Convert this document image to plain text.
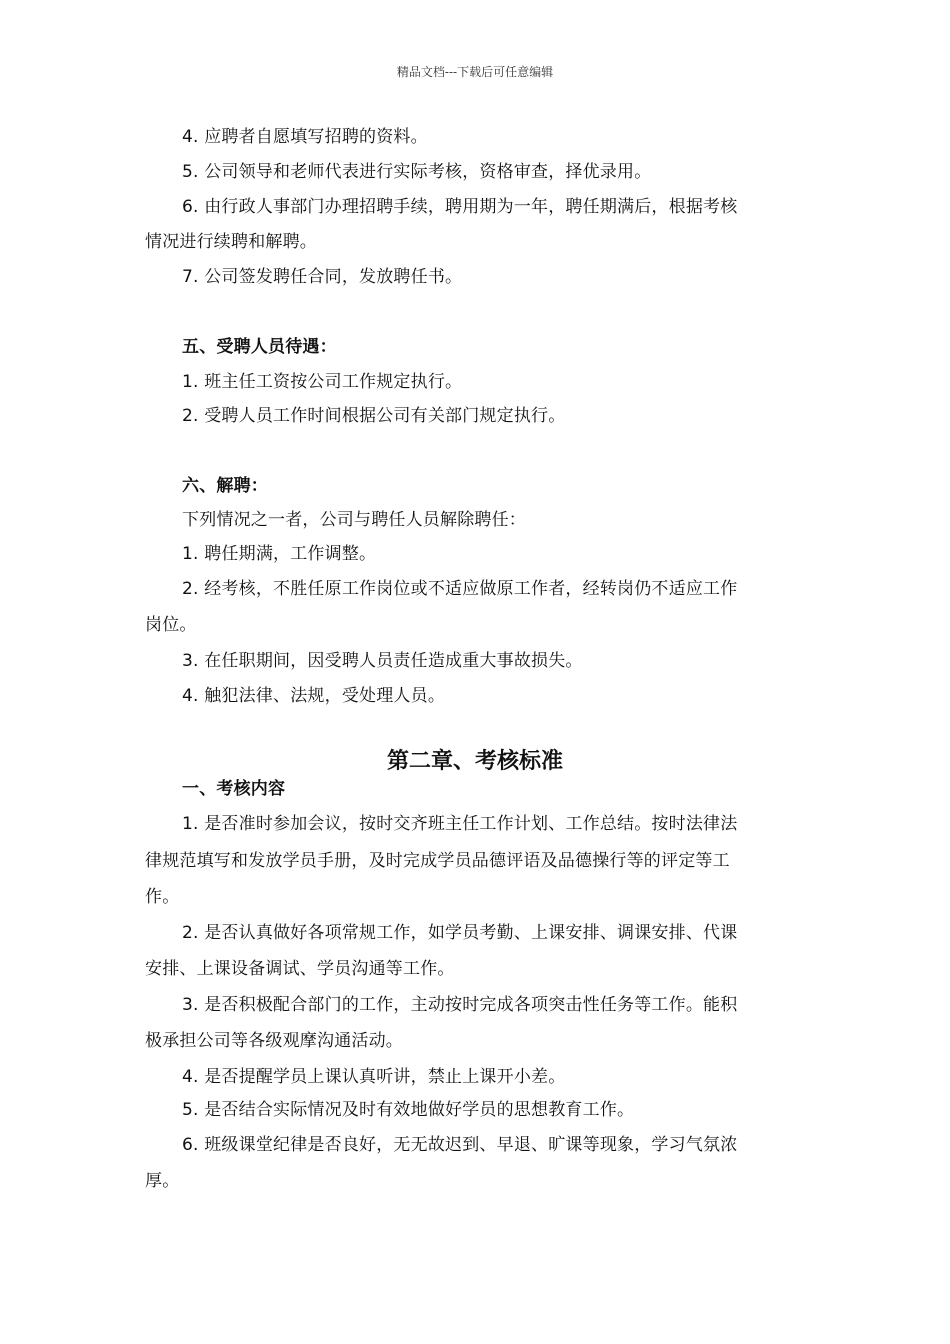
精品文档---下载后可任意编辑
4. 应聘者自愿填写招聘的资料。
5. 公司领导和老师代表进行实际考核，资格审查，择优录用。
6. 由行政人事部门办理招聘手续，聘用期为一年，聘任期满后，根据考核
情况进行续聘和解聘。
7. 公司签发聘任合同，发放聘任书。
五、受聘人员待遇：
1. 班主任工资按公司工作规定执行。
2. 受聘人员工作时间根据公司有关部门规定执行。
六、解聘：
下列情况之一者，公司与聘任人员解除聘任：
1. 聘任期满，工作调整。
2. 经考核，不胜任原工作岗位或不适应做原工作者，经转岗仍不适应工作
岗位。
3. 在任职期间，因受聘人员责任造成重大事故损失。
4. 触犯法律、法规，受处理人员。
第二章、考核标准
一、考核内容
1. 是否准时参加会议，按时交齐班主任工作计划、工作总结。按时法律法
律规范填写和发放学员手册，及时完成学员品德评语及品德操行等的评定等工
作。
2. 是否认真做好各项常规工作，如学员考勤、上课安排、调课安排、代课
安排、上课设备调试、学员沟通等工作。
3. 是否积极配合部门的工作，主动按时完成各项突击性任务等工作。能积
极承担公司等各级观摩沟通活动。
4. 是否提醒学员上课认真听讲，禁止上课开小差。
5. 是否结合实际情况及时有效地做好学员的思想教育工作。
6. 班级课堂纪律是否良好，无无故迟到、早退、旷课等现象，学习气氛浓
厚。
